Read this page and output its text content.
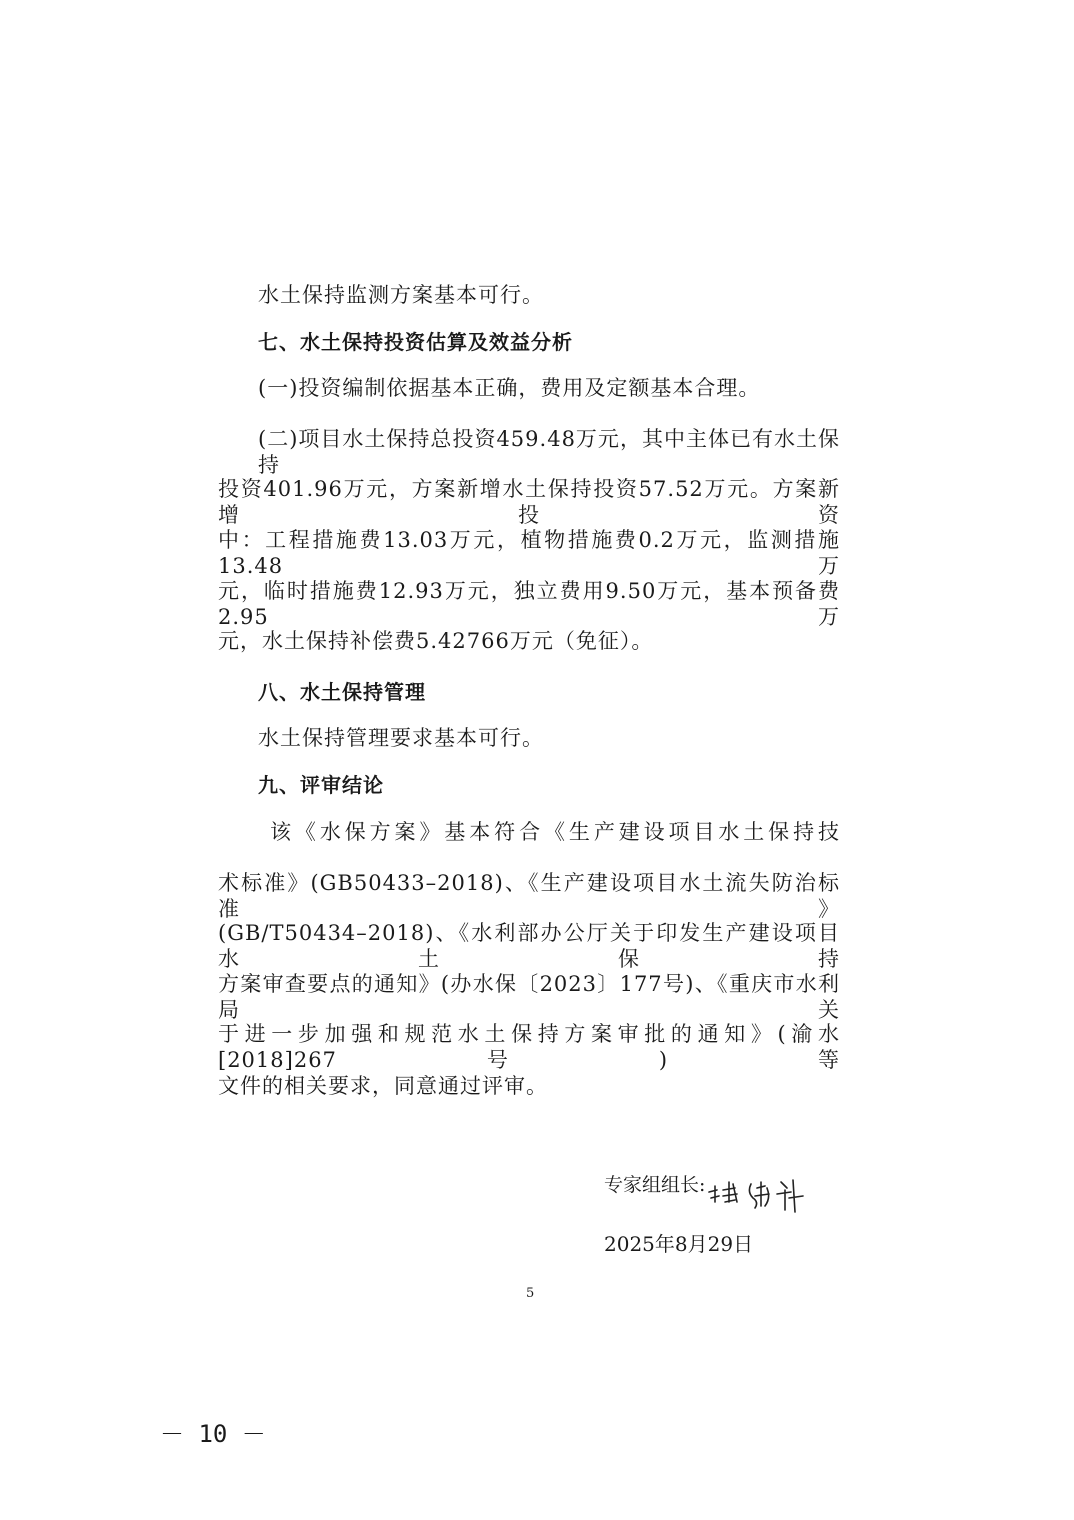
水土保持监测方案基本可行。
七、水土保持投资估算及效益分析
(一)投资编制依据基本正确，费用及定额基本合理。
(二)项目水土保持总投资459.48万元，其中主体已有水土保持
投资401.96万元，方案新增水土保持投资57.52万元。方案新增投资
中：工程措施费13.03万元，植物措施费0.2万元，监测措施13.48万
元，临时措施费12.93万元，独立费用9.50万元，基本预备费2.95万
元，水土保持补偿费5.42766万元（免征）。
八、水土保持管理
水土保持管理要求基本可行。
九、评审结论
该《水保方案》基本符合《生产建设项目水土保持技
术标准》(GB50433–2018)、《生产建设项目水土流失防治标准》
(GB/T50434–2018)、《水利部办公厅关于印发生产建设项目水土保持
方案审查要点的通知》(办水保〔2023〕177号)、《重庆市水利局关
于进一步加强和规范水土保持方案审批的通知》(渝水[2018]267号)等
文件的相关要求，同意通过评审。
专家组组长:
2025年8月29日
5
－ 10 －
